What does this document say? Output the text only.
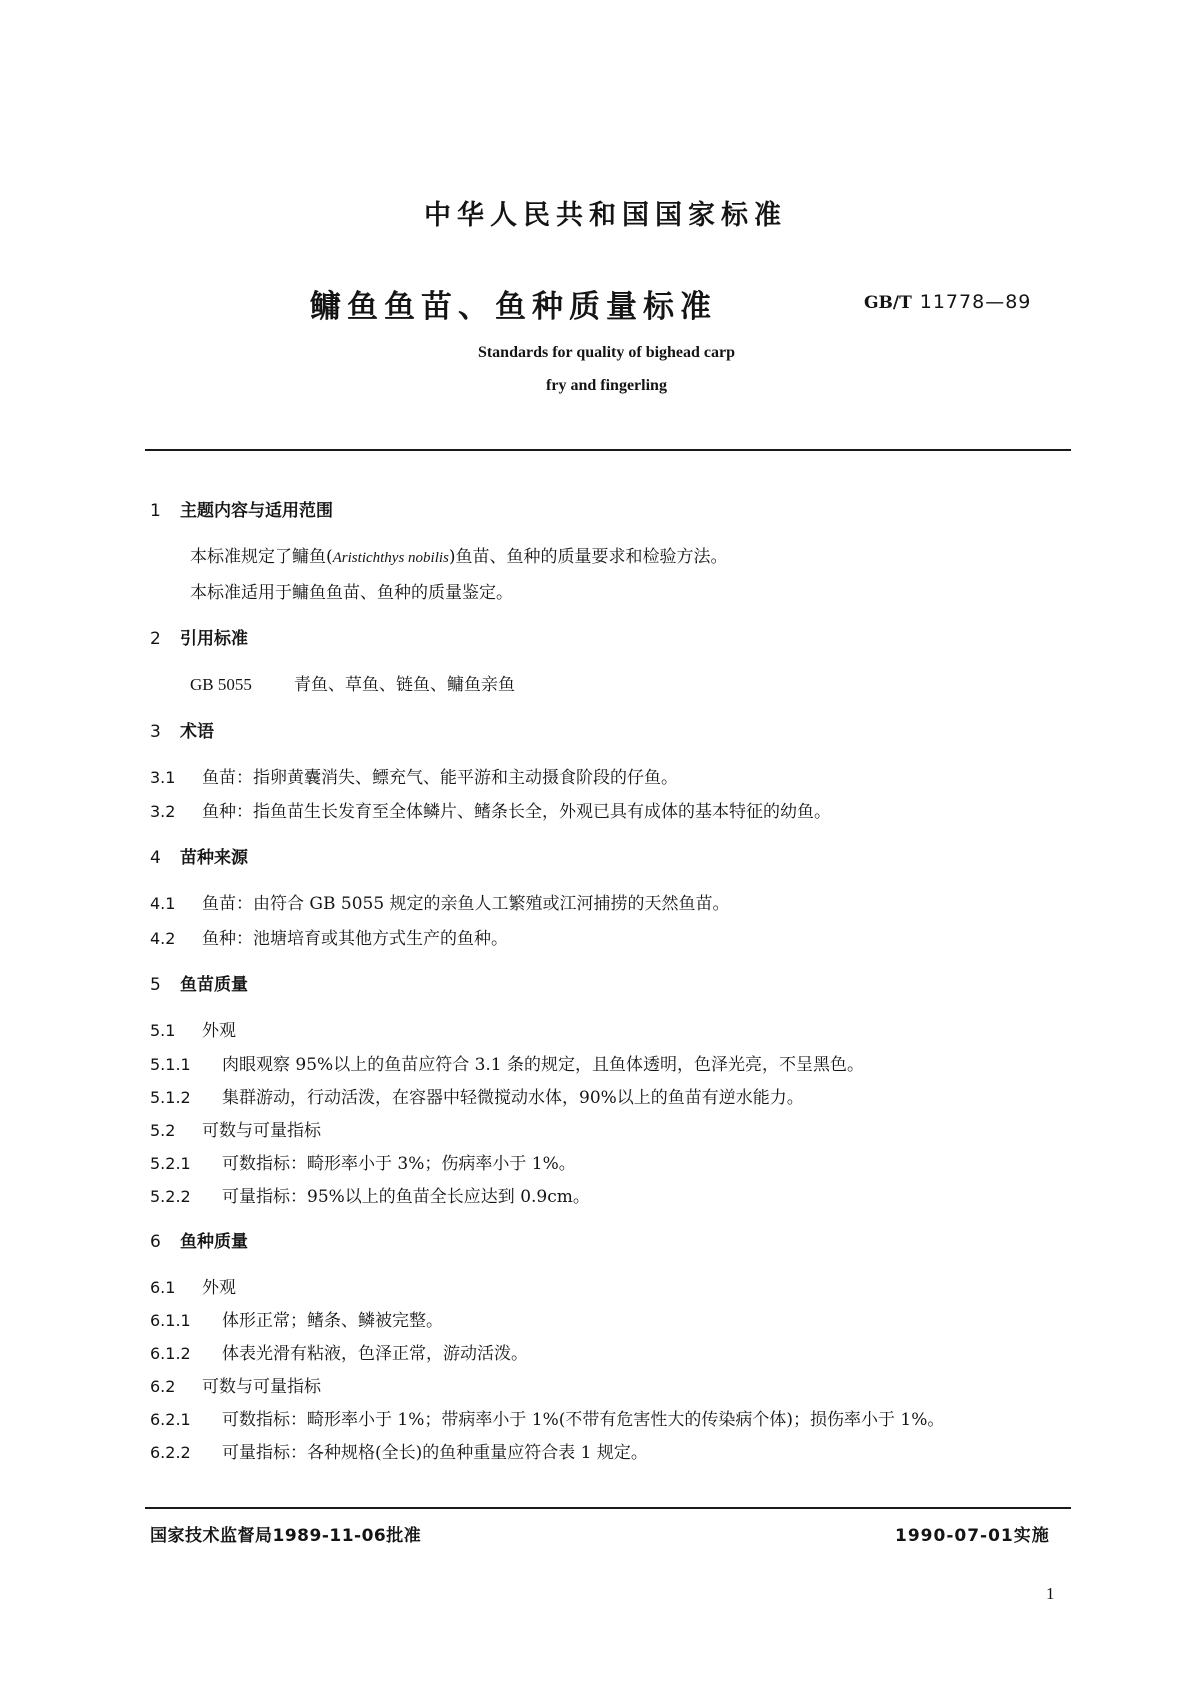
中华人民共和国国家标准
鳙鱼鱼苗、鱼种质量标准	GB/T 11778—89
Standards for quality of bighead carp
fry and fingerling
1 主题内容与适用范围
本标准规定了鳙鱼(Aristichthys nobilis)鱼苗、鱼种的质量要求和检验方法。
本标准适用于鳙鱼鱼苗、鱼种的质量鉴定。
2 引用标准
GB 5055 青鱼、草鱼、链鱼、鳙鱼亲鱼
3 术语
3.1 鱼苗：指卵黄囊消失、鳔充气、能平游和主动摄食阶段的仔鱼。
3.2 鱼种：指鱼苗生长发育至全体鳞片、鳍条长全，外观已具有成体的基本特征的幼鱼。
4 苗种来源
4.1 鱼苗：由符合 GB 5055 规定的亲鱼人工繁殖或江河捕捞的天然鱼苗。
4.2 鱼种：池塘培育或其他方式生产的鱼种。
5 鱼苗质量
5.1 外观
5.1.1 肉眼观察 95%以上的鱼苗应符合 3.1 条的规定，且鱼体透明，色泽光亮，不呈黑色。
5.1.2 集群游动，行动活泼，在容器中轻微搅动水体，90%以上的鱼苗有逆水能力。
5.2 可数与可量指标
5.2.1 可数指标：畸形率小于 3%；伤病率小于 1%。
5.2.2 可量指标：95%以上的鱼苗全长应达到 0.9cm。
6 鱼种质量
6.1 外观
6.1.1 体形正常；鳍条、鳞被完整。
6.1.2 体表光滑有粘液，色泽正常，游动活泼。
6.2 可数与可量指标
6.2.1 可数指标：畸形率小于 1%；带病率小于 1%(不带有危害性大的传染病个体)；损伤率小于 1%。
6.2.2 可量指标：各种规格(全长)的鱼种重量应符合表 1 规定。
国家技术监督局1989-11-06批准	1990-07-01实施
1
